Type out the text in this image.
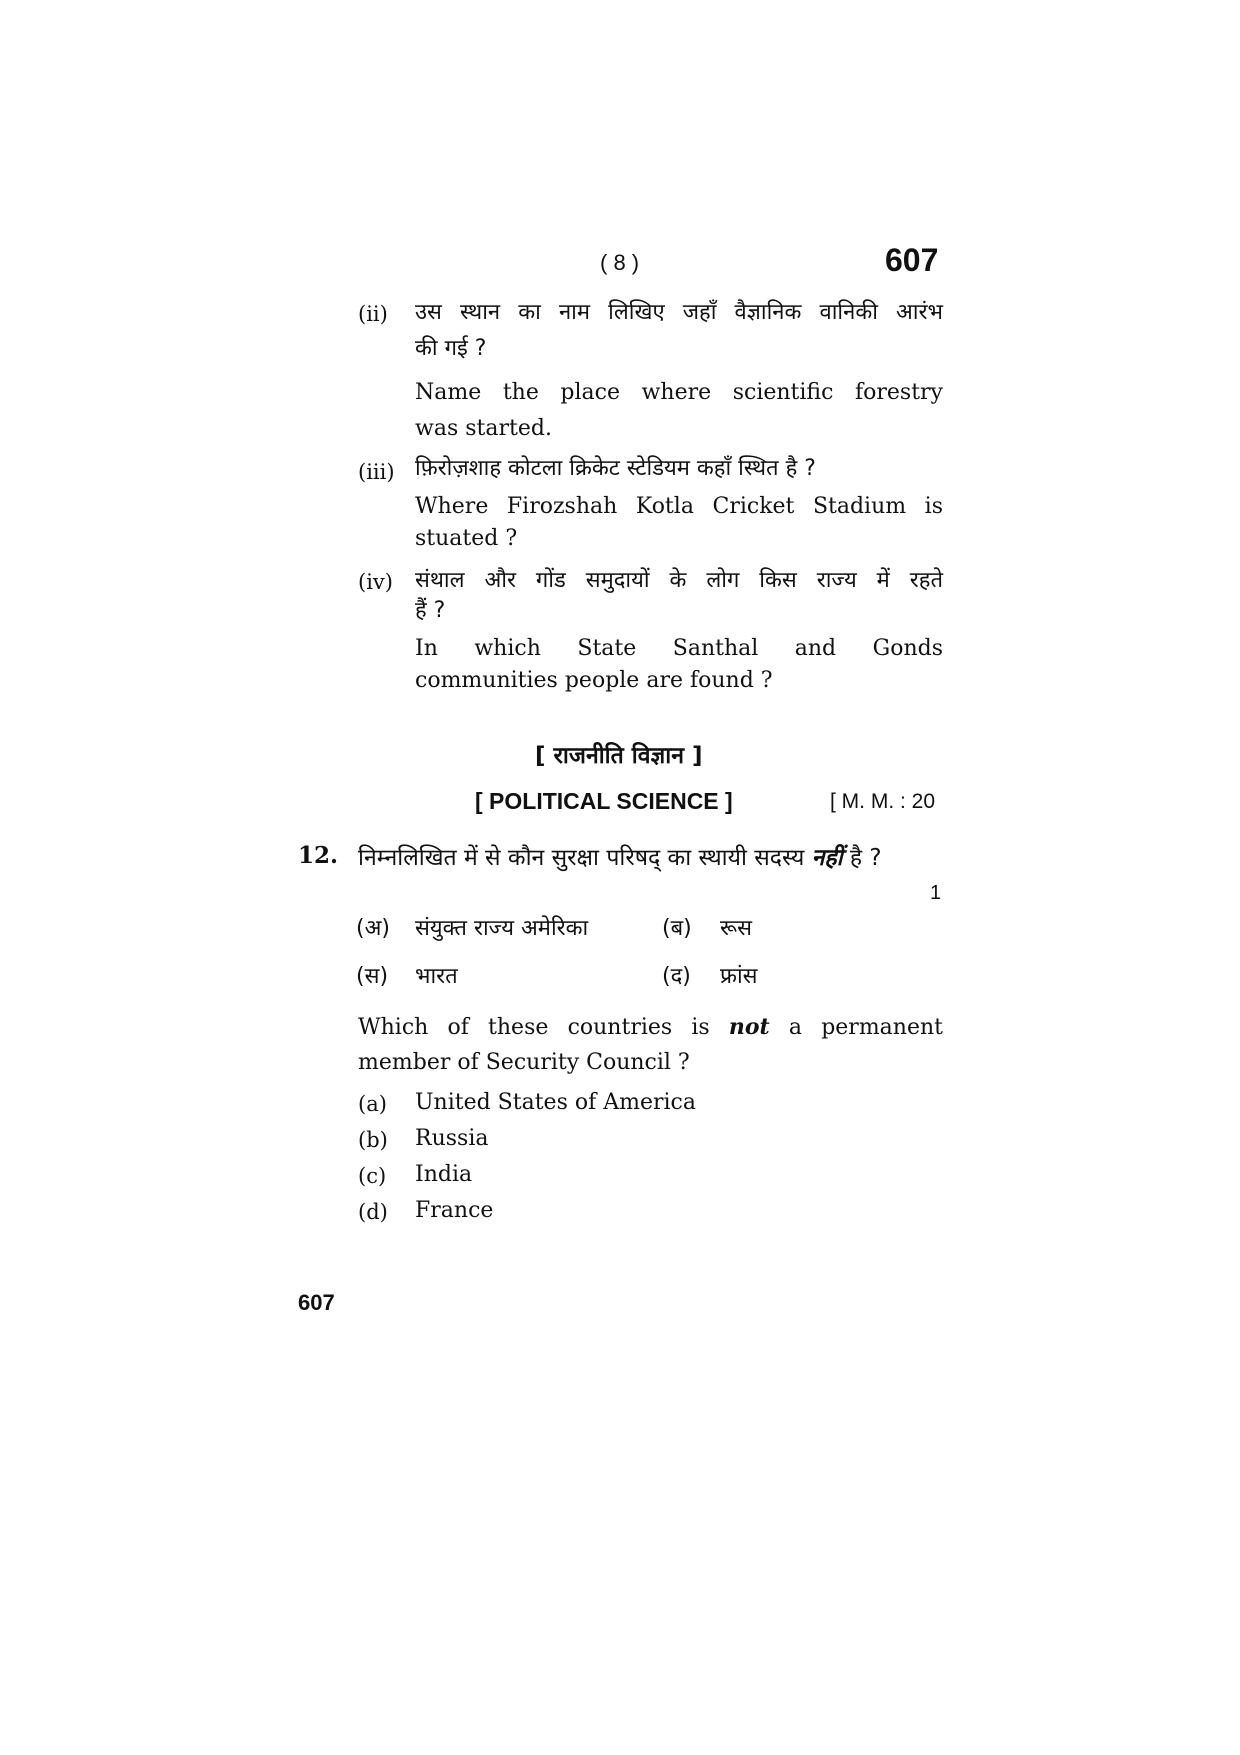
( 8 )	607
(ii) उस स्थान का नाम लिखिए जहाँ वैज्ञानिक वानिकी आरंभ
की गई ?
Name the place where scientific forestry
was started.
(iii) फ़िरोज़शाह कोटला क्रिकेट स्टेडियम कहाँ स्थित है ?
Where Firozshah Kotla Cricket Stadium is
stuated ?
(iv) संथाल और गोंड समुदायों के लोग किस राज्य में रहते
हैं ?
In which State Santhal and Gonds
communities people are found ?
[ राजनीति विज्ञान ]
[ POLITICAL SCIENCE ]	[ M. M. : 20
12. निम्नलिखित में से कौन सुरक्षा परिषद् का स्थायी सदस्य नहीं है ?
1
(अ) संयुक्त राज्य अमेरिका	(ब) रूस
(स) भारत	(द) फ्रांस
Which of these countries is not a permanent
member of Security Council ?
(a) United States of America
(b) Russia
(c) India
(d) France
607
